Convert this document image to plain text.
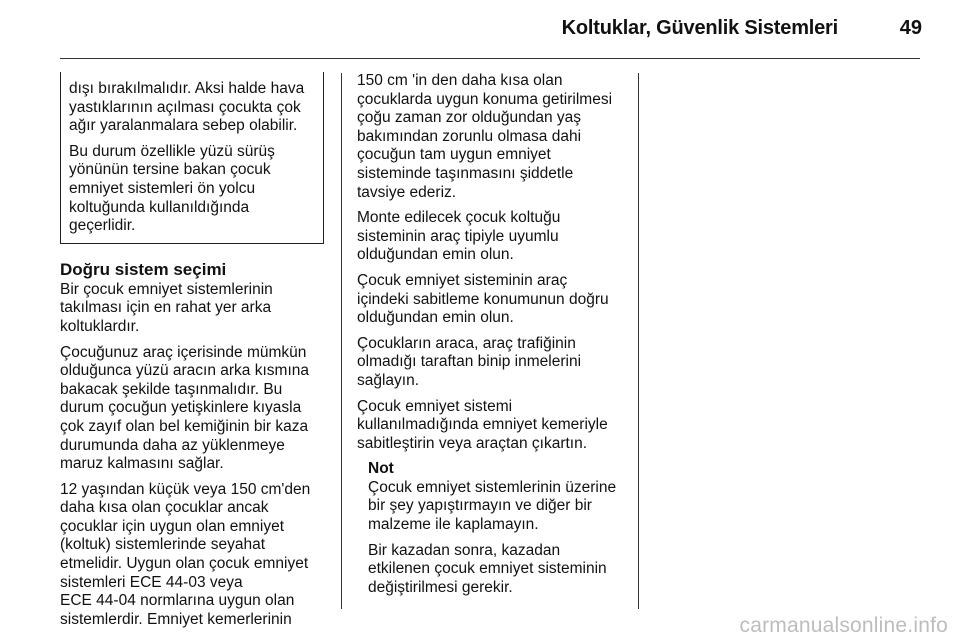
Koltuklar, Güvenlik Sistemleri	49

dışı bırakılmalıdır. Aksi halde hava
yastıklarının açılması çocukta çok
ağır yaralanmalara sebep olabilir.

Bu durum özellikle yüzü sürüş
yönünün tersine bakan çocuk
emniyet sistemleri ön yolcu
koltuğunda kullanıldığında
geçerlidir.

Doğru sistem seçimi

Bir çocuk emniyet sistemlerinin
takılması için en rahat yer arka
koltuklardır.

Çocuğunuz araç içerisinde mümkün
olduğunca yüzü aracın arka kısmına
bakacak şekilde taşınmalıdır. Bu
durum çocuğun yetişkinlere kıyasla
çok zayıf olan bel kemiğinin bir kaza
durumunda daha az yüklenmeye
maruz kalmasını sağlar.

12 yaşından küçük veya 150 cm'den
daha kısa olan çocuklar ancak
çocuklar için uygun olan emniyet
(koltuk) sistemlerinde seyahat
etmelidir. Uygun olan çocuk emniyet
sistemleri ECE 44-03 veya
ECE 44-04 normlarına uygun olan
sistemlerdir. Emniyet kemerlerinin

150 cm 'in den daha kısa olan
çocuklarda uygun konuma getirilmesi
çoğu zaman zor olduğundan yaş
bakımından zorunlu olmasa dahi
çocuğun tam uygun emniyet
sisteminde taşınmasını şiddetle
tavsiye ederiz.

Monte edilecek çocuk koltuğu
sisteminin araç tipiyle uyumlu
olduğundan emin olun.

Çocuk emniyet sisteminin araç
içindeki sabitleme konumunun doğru
olduğundan emin olun.

Çocukların araca, araç trafiğinin
olmadığı taraftan binip inmelerini
sağlayın.

Çocuk emniyet sistemi
kullanılmadığında emniyet kemeriyle
sabitleştirin veya araçtan çıkartın.

Not

Çocuk emniyet sistemlerinin üzerine
bir şey yapıştırmayın ve diğer bir
malzeme ile kaplamayın.

Bir kazadan sonra, kazadan
etkilenen çocuk emniyet sisteminin
değiştirilmesi gerekir.

carmanualsonline.info
